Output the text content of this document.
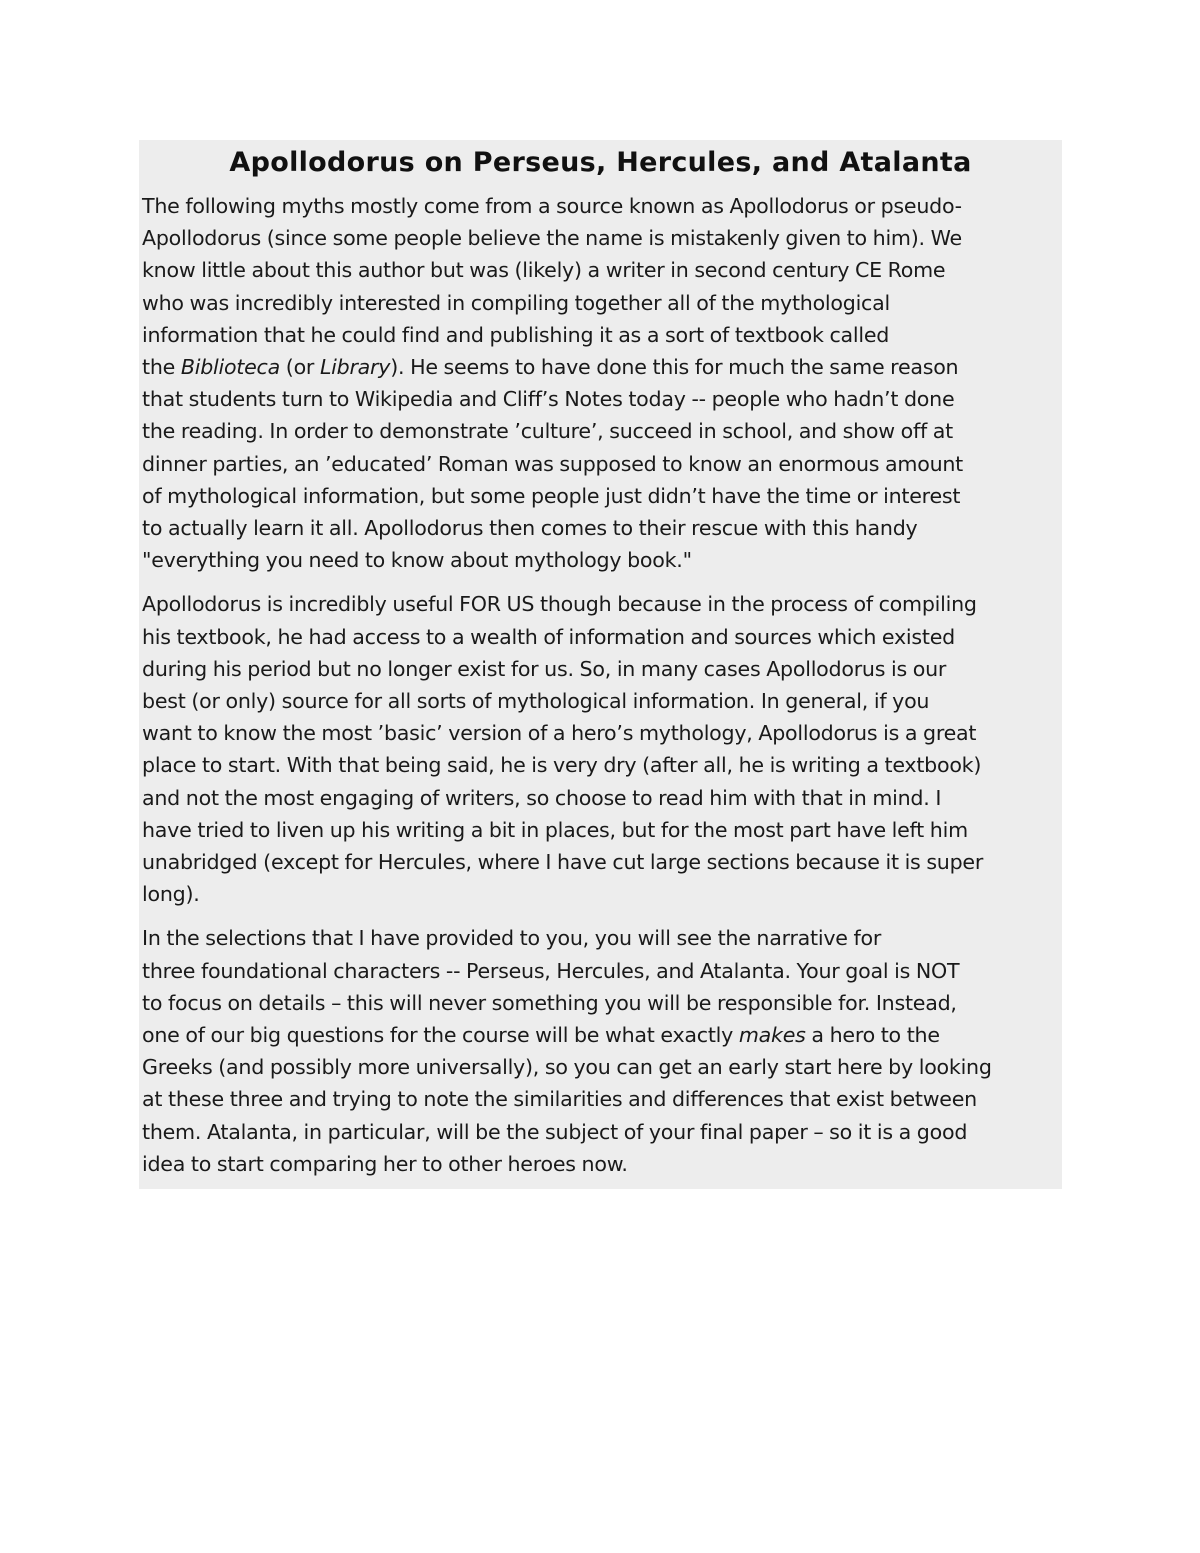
Apollodorus on Perseus, Hercules, and Atalanta

The following myths mostly come from a source known as Apollodorus or pseudo-
Apollodorus (since some people believe the name is mistakenly given to him). We
know little about this author but was (likely) a writer in second century CE Rome
who was incredibly interested in compiling together all of the mythological
information that he could find and publishing it as a sort of textbook called
the Biblioteca (or Library). He seems to have done this for much the same reason
that students turn to Wikipedia and Cliff’s Notes today -- people who hadn’t done
the reading. In order to demonstrate ’culture’, succeed in school, and show off at
dinner parties, an ’educated’ Roman was supposed to know an enormous amount
of mythological information, but some people just didn’t have the time or interest
to actually learn it all. Apollodorus then comes to their rescue with this handy
"everything you need to know about mythology book."

Apollodorus is incredibly useful FOR US though because in the process of compiling
his textbook, he had access to a wealth of information and sources which existed
during his period but no longer exist for us. So, in many cases Apollodorus is our
best (or only) source for all sorts of mythological information. In general, if you
want to know the most ’basic’ version of a hero’s mythology, Apollodorus is a great
place to start. With that being said, he is very dry (after all, he is writing a textbook)
and not the most engaging of writers, so choose to read him with that in mind. I
have tried to liven up his writing a bit in places, but for the most part have left him
unabridged (except for Hercules, where I have cut large sections because it is super
long).

In the selections that I have provided to you, you will see the narrative for
three foundational characters -- Perseus, Hercules, and Atalanta. Your goal is NOT
to focus on details – this will never something you will be responsible for. Instead,
one of our big questions for the course will be what exactly makes a hero to the
Greeks (and possibly more universally), so you can get an early start here by looking
at these three and trying to note the similarities and differences that exist between
them. Atalanta, in particular, will be the subject of your final paper – so it is a good
idea to start comparing her to other heroes now.
